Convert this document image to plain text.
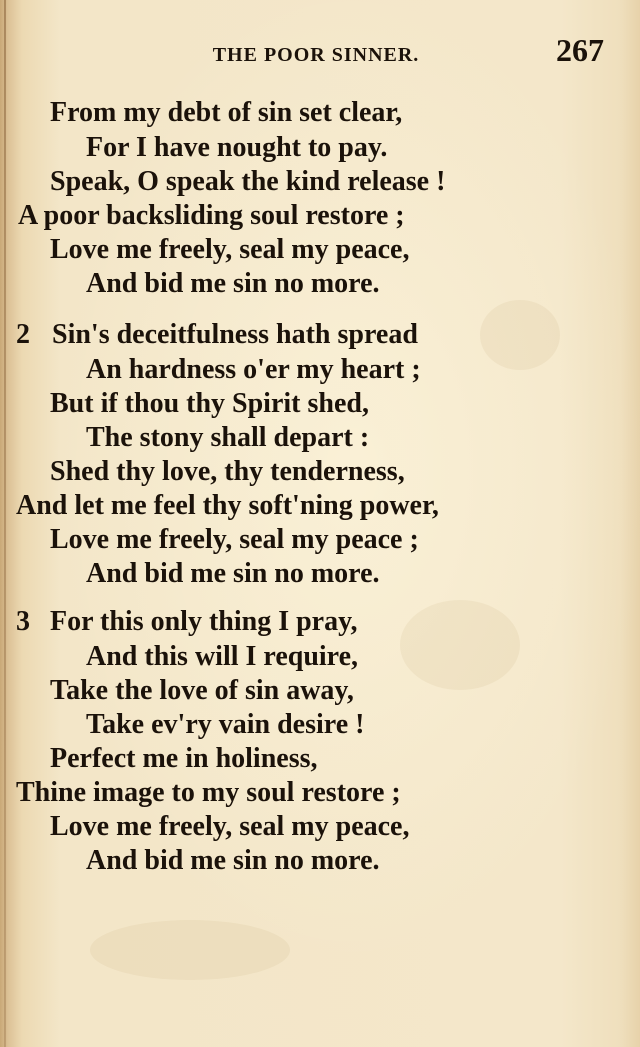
THE POOR SINNER.	267
From my debt of sin set clear,
For I have nought to pay.
Speak, O speak the kind release !
A poor backsliding soul restore ;
Love me freely, seal my peace,
And bid me sin no more.
2 Sin's deceitfulness hath spread
An hardness o'er my heart ;
But if thou thy Spirit shed,
The stony shall depart :
Shed thy love, thy tenderness,
And let me feel thy soft'ning power,
Love me freely, seal my peace ;
And bid me sin no more.
3 For this only thing I pray,
And this will I require,
Take the love of sin away,
Take ev'ry vain desire !
Perfect me in holiness,
Thine image to my soul restore ;
Love me freely, seal my peace,
And bid me sin no more.
